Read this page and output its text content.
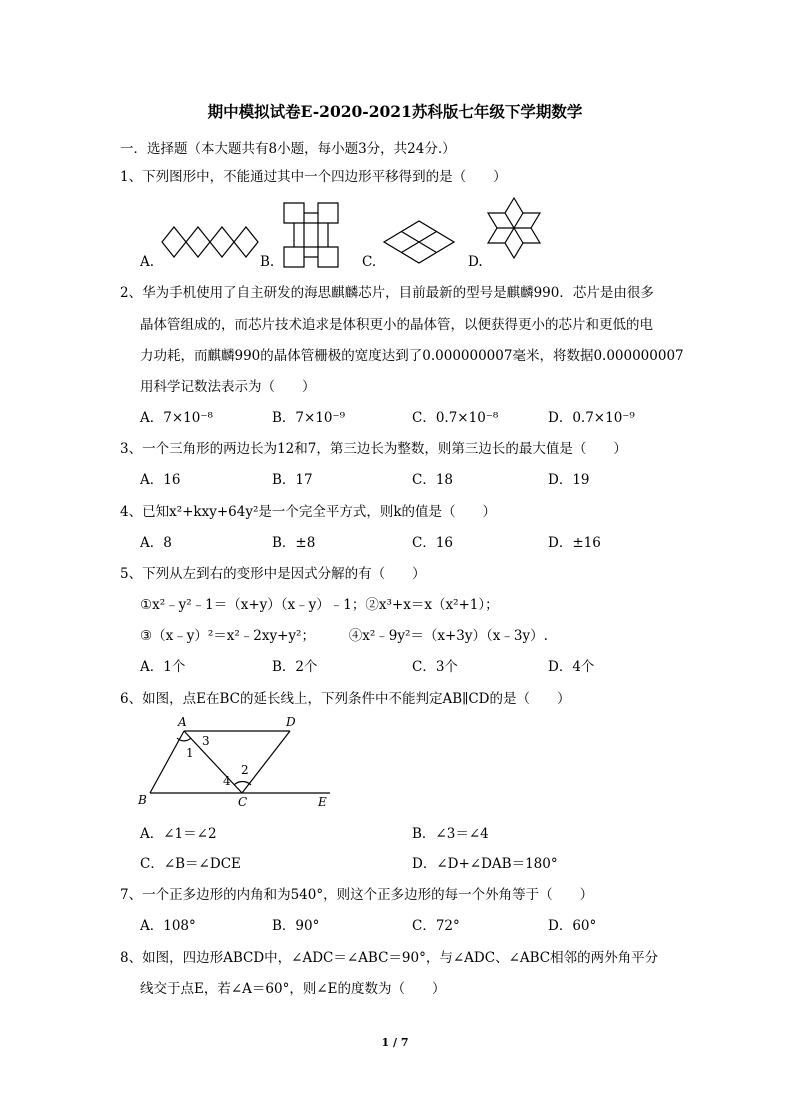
期中模拟试卷E-2020-2021苏科版七年级下学期数学
一．选择题（本大题共有8小题，每小题3分，共24分.）
1、下列图形中，不能通过其中一个四边形平移得到的是（　　）
A.	B.	C.	D.
2、华为手机使用了自主研发的海思麒麟芯片，目前最新的型号是麒麟990．芯片是由很多
晶体管组成的，而芯片技术追求是体积更小的晶体管，以便获得更小的芯片和更低的电
力功耗，而麒麟990的晶体管栅极的宽度达到了0.000000007毫米，将数据0.000000007
用科学记数法表示为（　　）
A．7×10⁻⁸	B．7×10⁻⁹	C．0.7×10⁻⁸	D．0.7×10⁻⁹
3、一个三角形的两边长为12和7，第三边长为整数，则第三边长的最大值是（　　）
A．16	B．17	C．18	D．19
4、已知x²+kxy+64y²是一个完全平方式，则k的值是（　　）
A．8	B．±8	C．16	D．±16
5、下列从左到右的变形中是因式分解的有（　　）
①x²﹣y²﹣1＝（x+y）（x﹣y）﹣1；②x³+x＝x（x²+1）；
③（x﹣y）²＝x²﹣2xy+y²；　　　④x²﹣9y²＝（x+3y）（x﹣3y）.
A．1个	B．2个	C．3个	D．4个
6、如图，点E在BC的延长线上，下列条件中不能判定AB∥CD的是（　　）
A	D
B	C	E
1
2
3
4
A．∠1＝∠2	B．∠3＝∠4
C．∠B＝∠DCE	D．∠D+∠DAB＝180°
7、一个正多边形的内角和为540°，则这个正多边形的每一个外角等于（　　）
A．108°	B．90°	C．72°	D．60°
8、如图，四边形ABCD中，∠ADC＝∠ABC＝90°，与∠ADC、∠ABC相邻的两外角平分
线交于点E，若∠A＝60°，则∠E的度数为（　　）
1 / 7
